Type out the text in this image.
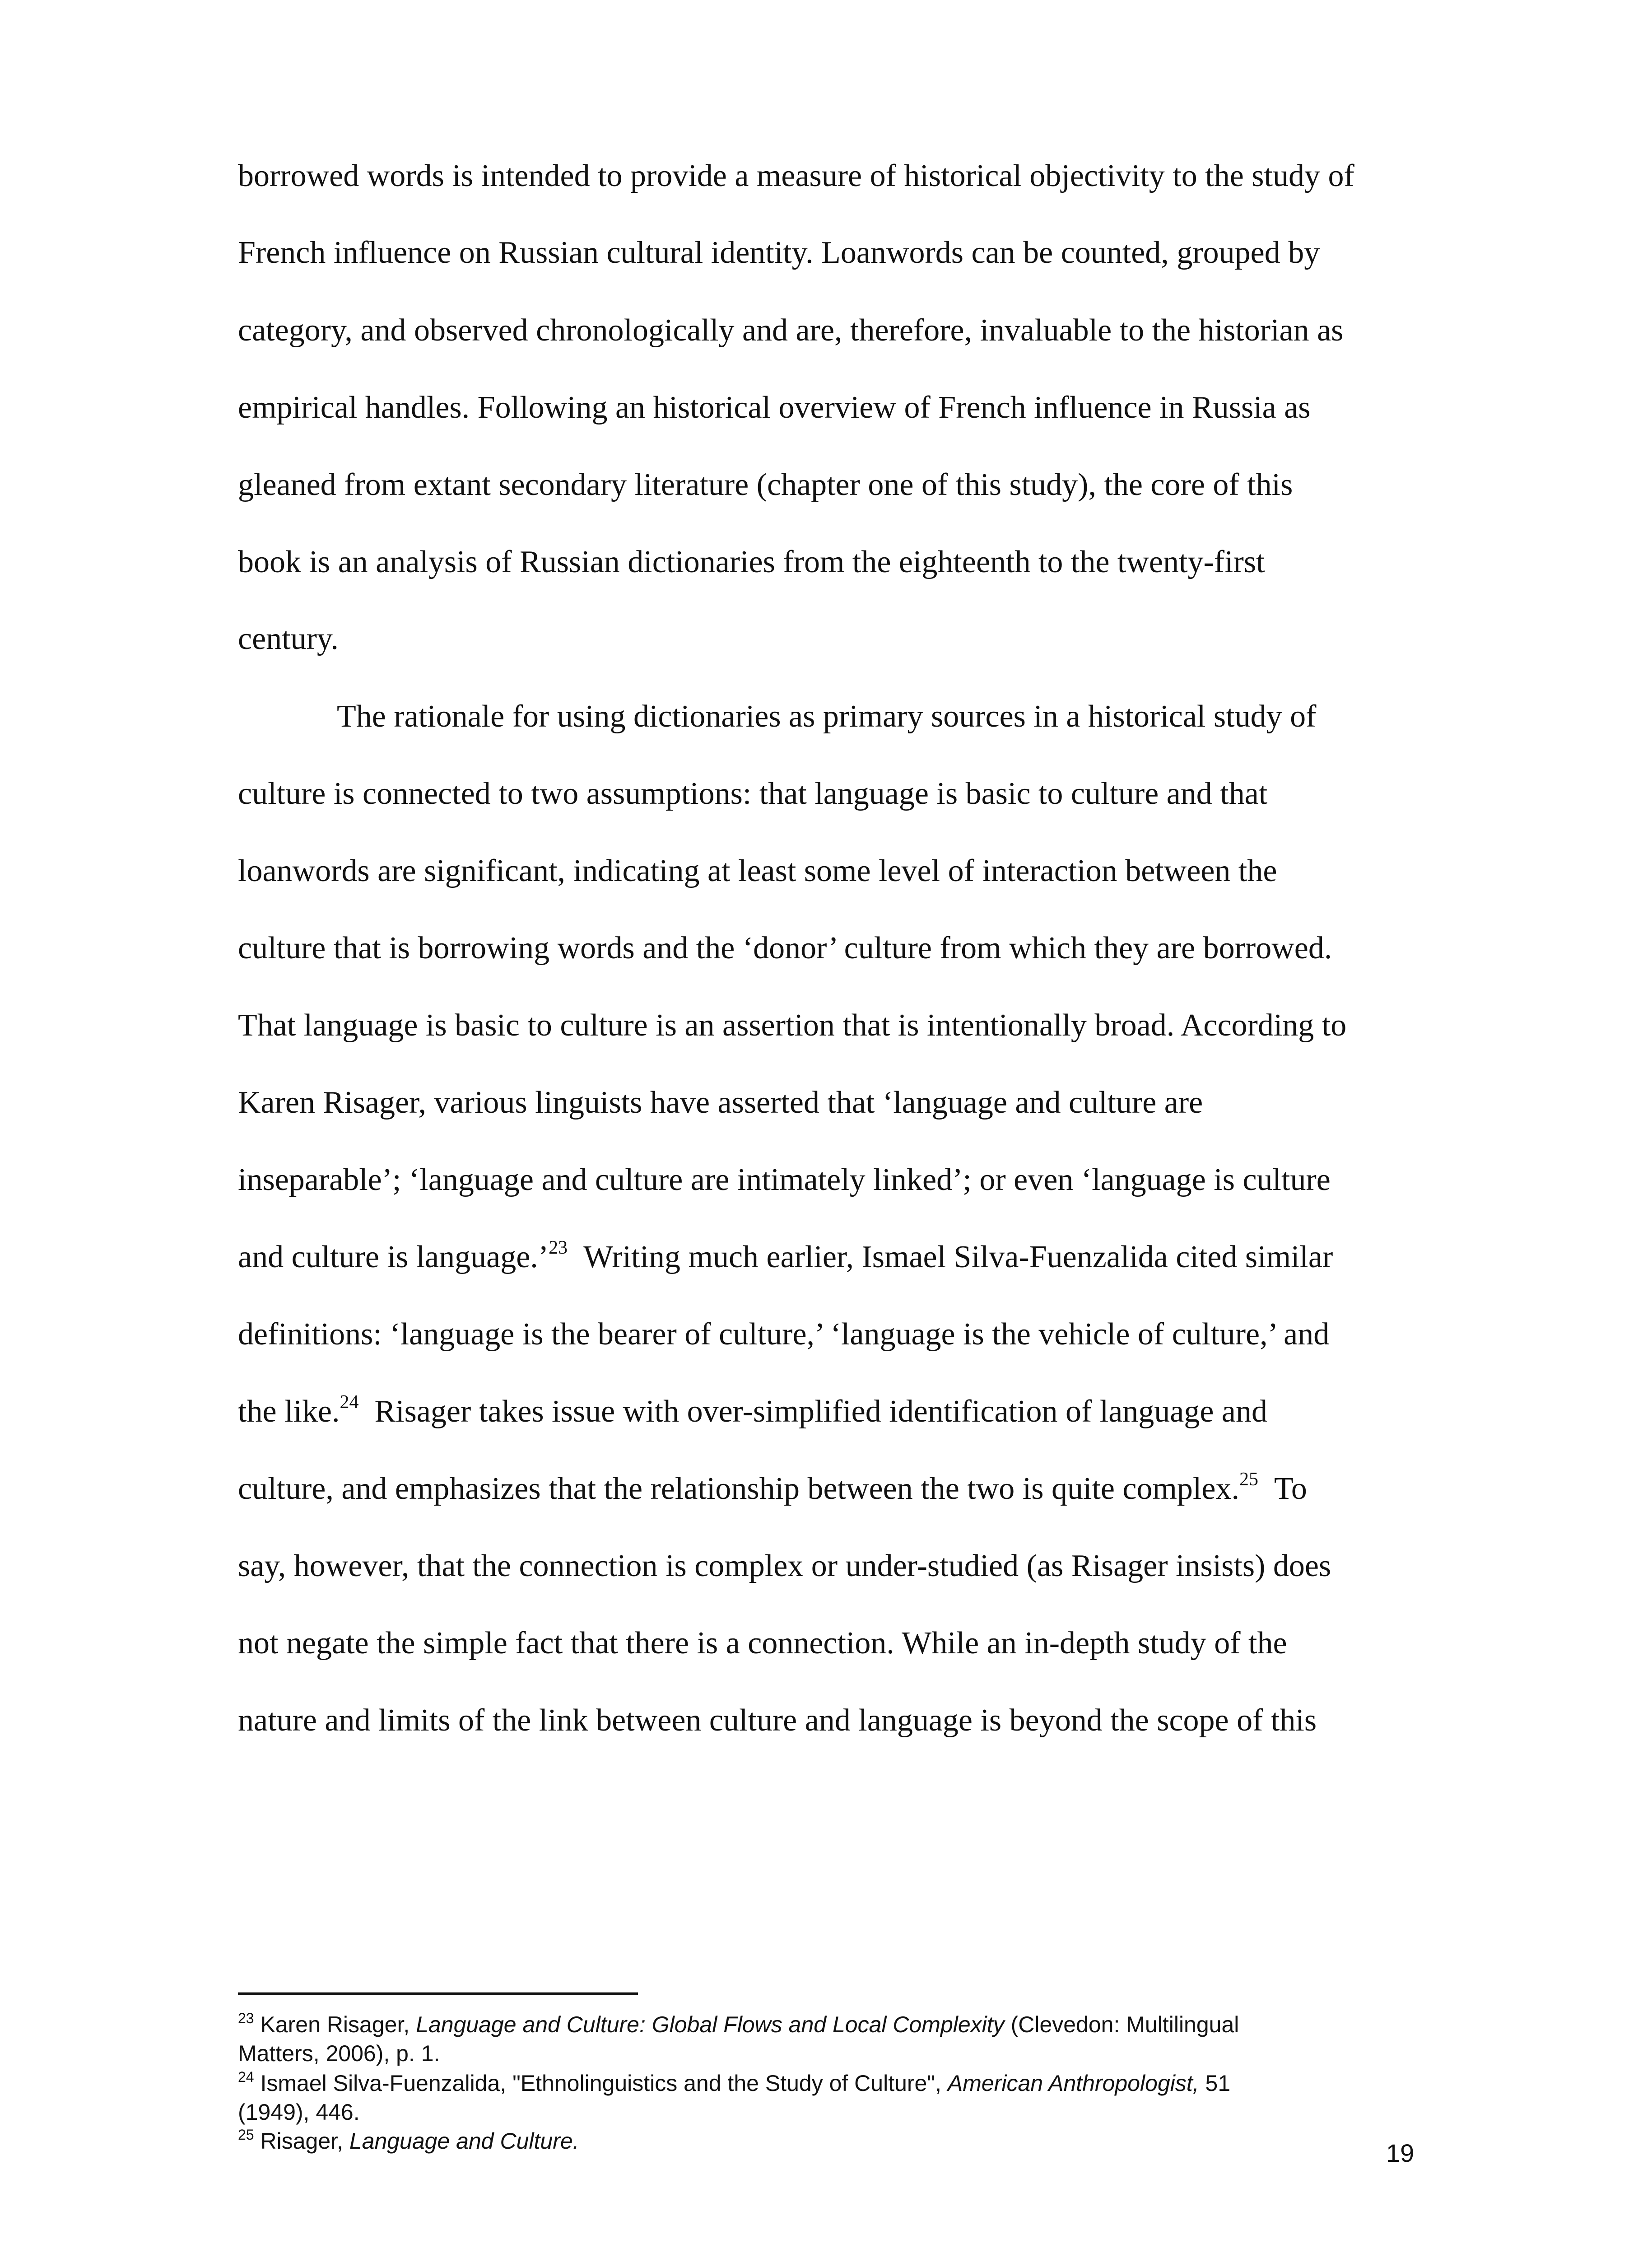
borrowed words is intended to provide a measure of historical objectivity to the study of
French influence on Russian cultural identity. Loanwords can be counted, grouped by
category, and observed chronologically and are, therefore, invaluable to the historian as
empirical handles. Following an historical overview of French influence in Russia as
gleaned from extant secondary literature (chapter one of this study), the core of this
book is an analysis of Russian dictionaries from the eighteenth to the twenty-first
century.
The rationale for using dictionaries as primary sources in a historical study of
culture is connected to two assumptions: that language is basic to culture and that
loanwords are significant, indicating at least some level of interaction between the
culture that is borrowing words and the ‘donor’ culture from which they are borrowed.
That language is basic to culture is an assertion that is intentionally broad. According to
Karen Risager, various linguists have asserted that ‘language and culture are
inseparable’; ‘language and culture are intimately linked’; or even ‘language is culture
and culture is language.’$^{23}$ Writing much earlier, Ismael Silva-Fuenzalida cited similar
definitions: ‘language is the bearer of culture,’ ‘language is the vehicle of culture,’ and
the like.$^{24}$ Risager takes issue with over-simplified identification of language and
culture, and emphasizes that the relationship between the two is quite complex.$^{25}$ To
say, however, that the connection is complex or under-studied (as Risager insists) does
not negate the simple fact that there is a connection. While an in-depth study of the
nature and limits of the link between culture and language is beyond the scope of this
$^{23}$ Karen Risager, Language and Culture: Global Flows and Local Complexity (Clevedon: Multilingual
Matters, 2006), p. 1.
$^{24}$ Ismael Silva-Fuenzalida, "Ethnolinguistics and the Study of Culture", American Anthropologist, 51
(1949), 446.
$^{25}$ Risager, Language and Culture.	19
